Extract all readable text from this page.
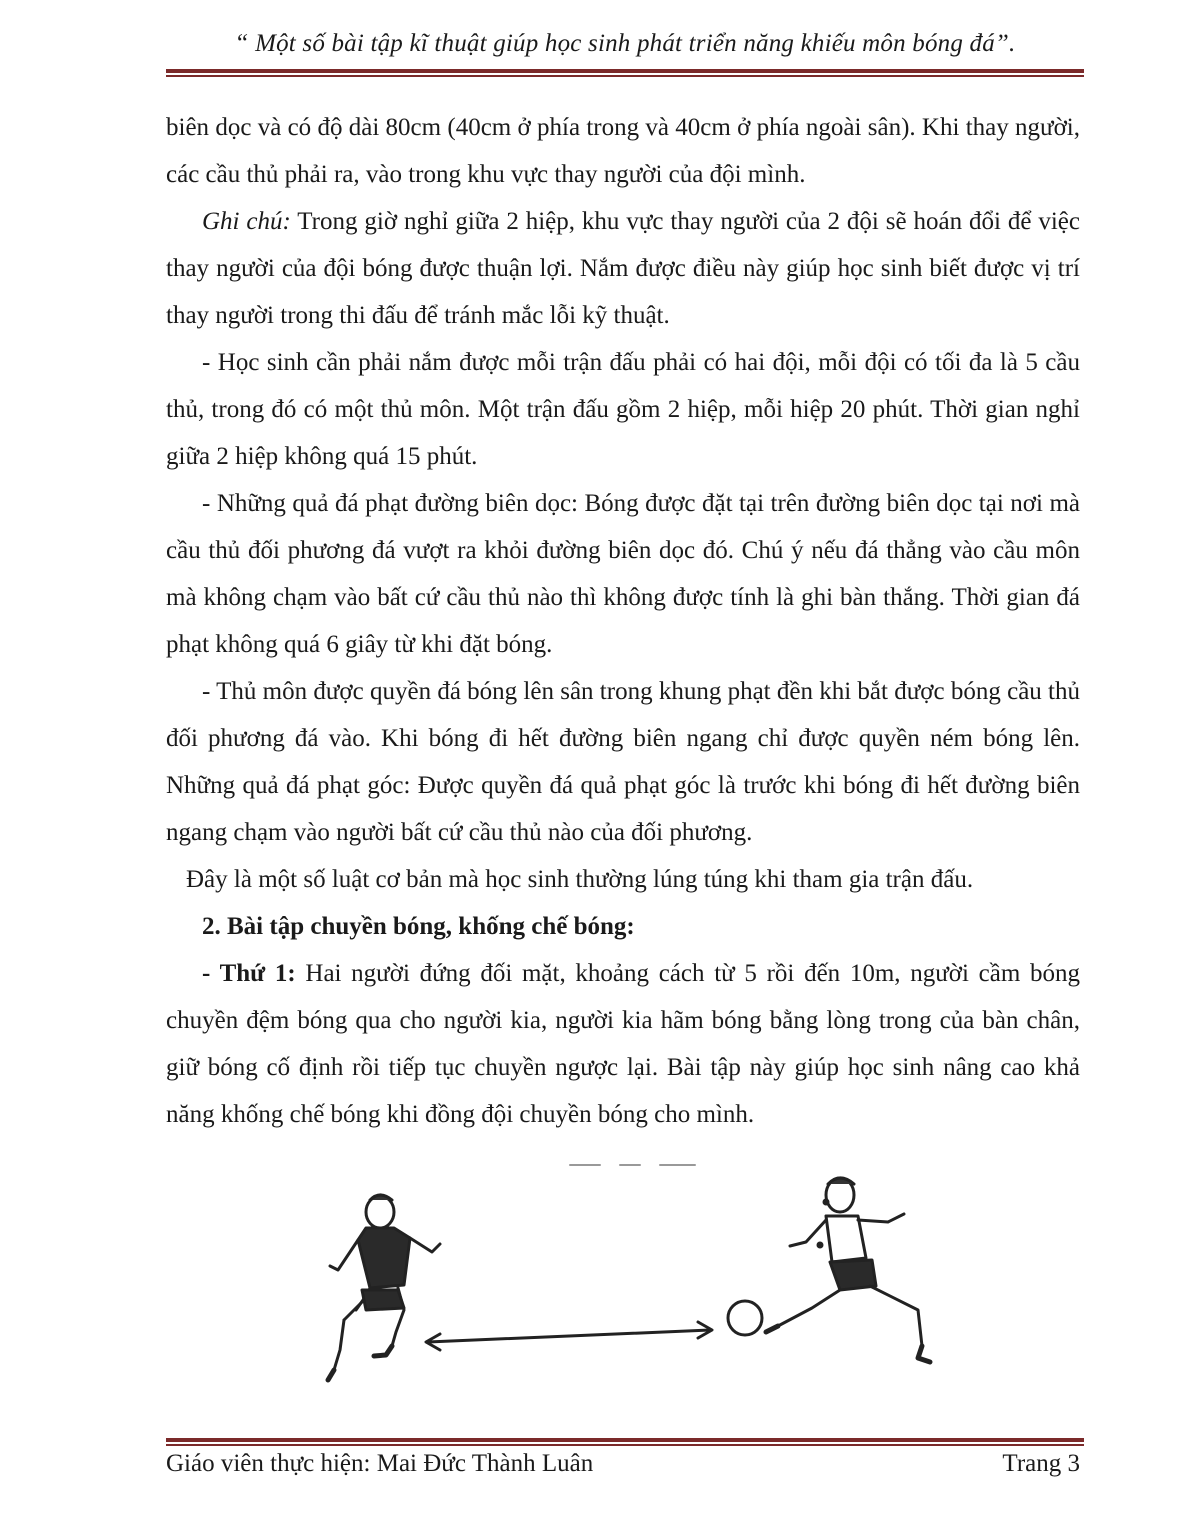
“ Một số bài tập kĩ thuật giúp học sinh phát triển năng khiếu môn bóng đá”.

biên dọc và có độ dài 80cm (40cm ở phía trong và 40cm ở phía ngoài sân). Khi thay người, các cầu thủ phải ra, vào trong khu vực thay người của đội mình.

Ghi chú: Trong giờ nghỉ giữa 2 hiệp, khu vực thay người của 2 đội sẽ hoán đổi để việc thay người của đội bóng được thuận lợi. Nắm được điều này giúp học sinh biết được vị trí thay người trong thi đấu để tránh mắc lỗi kỹ thuật.

- Học sinh cần phải nắm được mỗi trận đấu phải có hai đội, mỗi đội có tối đa là 5 cầu thủ, trong đó có một thủ môn. Một trận đấu gồm 2 hiệp, mỗi hiệp 20 phút. Thời gian nghỉ giữa 2 hiệp không quá 15 phút.

- Những quả đá phạt đường biên dọc: Bóng được đặt tại trên đường biên dọc tại nơi mà cầu thủ đối phương đá vượt ra khỏi đường biên dọc đó. Chú ý nếu đá thẳng vào cầu môn mà không chạm vào bất cứ cầu thủ nào thì không được tính là ghi bàn thắng. Thời gian đá phạt không quá 6 giây từ khi đặt bóng.

- Thủ môn được quyền đá bóng lên sân trong khung phạt đền khi bắt được bóng cầu thủ đối phương đá vào. Khi bóng đi hết đường biên ngang chỉ được quyền ném bóng lên. Những quả đá phạt góc: Được quyền đá quả phạt góc là trước khi bóng đi hết đường biên ngang chạm vào người bất cứ cầu thủ nào của đối phương.

Đây là một số luật cơ bản mà học sinh thường lúng túng khi tham gia trận đấu.

2. Bài tập chuyền bóng, khống chế bóng:

- Thứ 1: Hai người đứng đối mặt, khoảng cách từ 5 rồi đến 10m, người cầm bóng chuyền đệm bóng qua cho người kia, người kia hãm bóng bằng lòng trong của bàn chân, giữ bóng cố định rồi tiếp tục chuyền ngược lại. Bài tập này giúp học sinh nâng cao khả năng khống chế bóng khi đồng đội chuyền bóng cho mình.

Giáo viên thực hiện: Mai Đức Thành Luân	Trang 3
